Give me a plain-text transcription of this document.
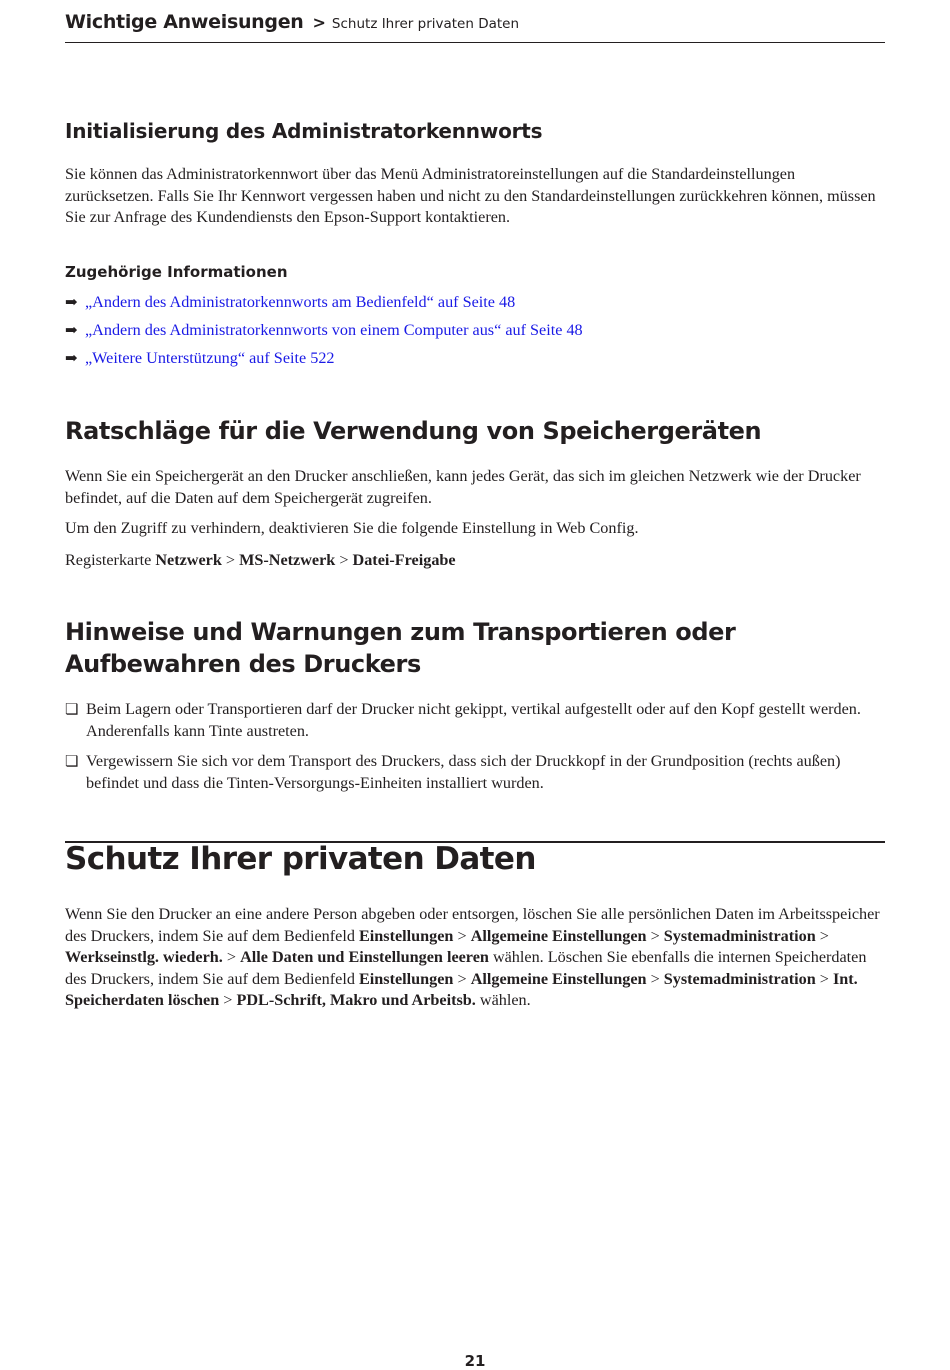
Wichtige Anweisungen > Schutz Ihrer privaten Daten
Initialisierung des Administratorkennworts

Sie können das Administratorkennwort über das Menü Administratoreinstellungen auf die Standardeinstellungen zurücksetzen. Falls Sie Ihr Kennwort vergessen haben und nicht zu den Standardeinstellungen zurückkehren können, müssen Sie zur Anfrage des Kundendiensts den Epson-Support kontaktieren.

Zugehörige Informationen
➡ „Andern des Administratorkennworts am Bedienfeld“ auf Seite 48
➡ „Andern des Administratorkennworts von einem Computer aus“ auf Seite 48
➡ „Weitere Unterstützung“ auf Seite 522
Ratschläge für die Verwendung von Speichergeräten

Wenn Sie ein Speichergerät an den Drucker anschließen, kann jedes Gerät, das sich im gleichen Netzwerk wie der Drucker befindet, auf die Daten auf dem Speichergerät zugreifen.

Um den Zugriff zu verhindern, deaktivieren Sie die folgende Einstellung in Web Config.

Registerkarte Netzwerk > MS-Netzwerk > Datei-Freigabe

Hinweise und Warnungen zum Transportieren oder Aufbewahren des Druckers
❏ Beim Lagern oder Transportieren darf der Drucker nicht gekippt, vertikal aufgestellt oder auf den Kopf gestellt werden. Anderenfalls kann Tinte austreten.
❏ Vergewissern Sie sich vor dem Transport des Druckers, dass sich der Druckkopf in der Grundposition (rechts außen) befindet und dass die Tinten-Versorgungs-Einheiten installiert wurden.
Schutz Ihrer privaten Daten

Wenn Sie den Drucker an eine andere Person abgeben oder entsorgen, löschen Sie alle persönlichen Daten im Arbeitsspeicher des Druckers, indem Sie auf dem Bedienfeld Einstellungen > Allgemeine Einstellungen > Systemadministration > Werkseinstlg. wiederh. > Alle Daten und Einstellungen leeren wählen. Löschen Sie ebenfalls die internen Speicherdaten des Druckers, indem Sie auf dem Bedienfeld Einstellungen > Allgemeine Einstellungen > Systemadministration > Int. Speicherdaten löschen > PDL-Schrift, Makro und Arbeitsb. wählen.

21
